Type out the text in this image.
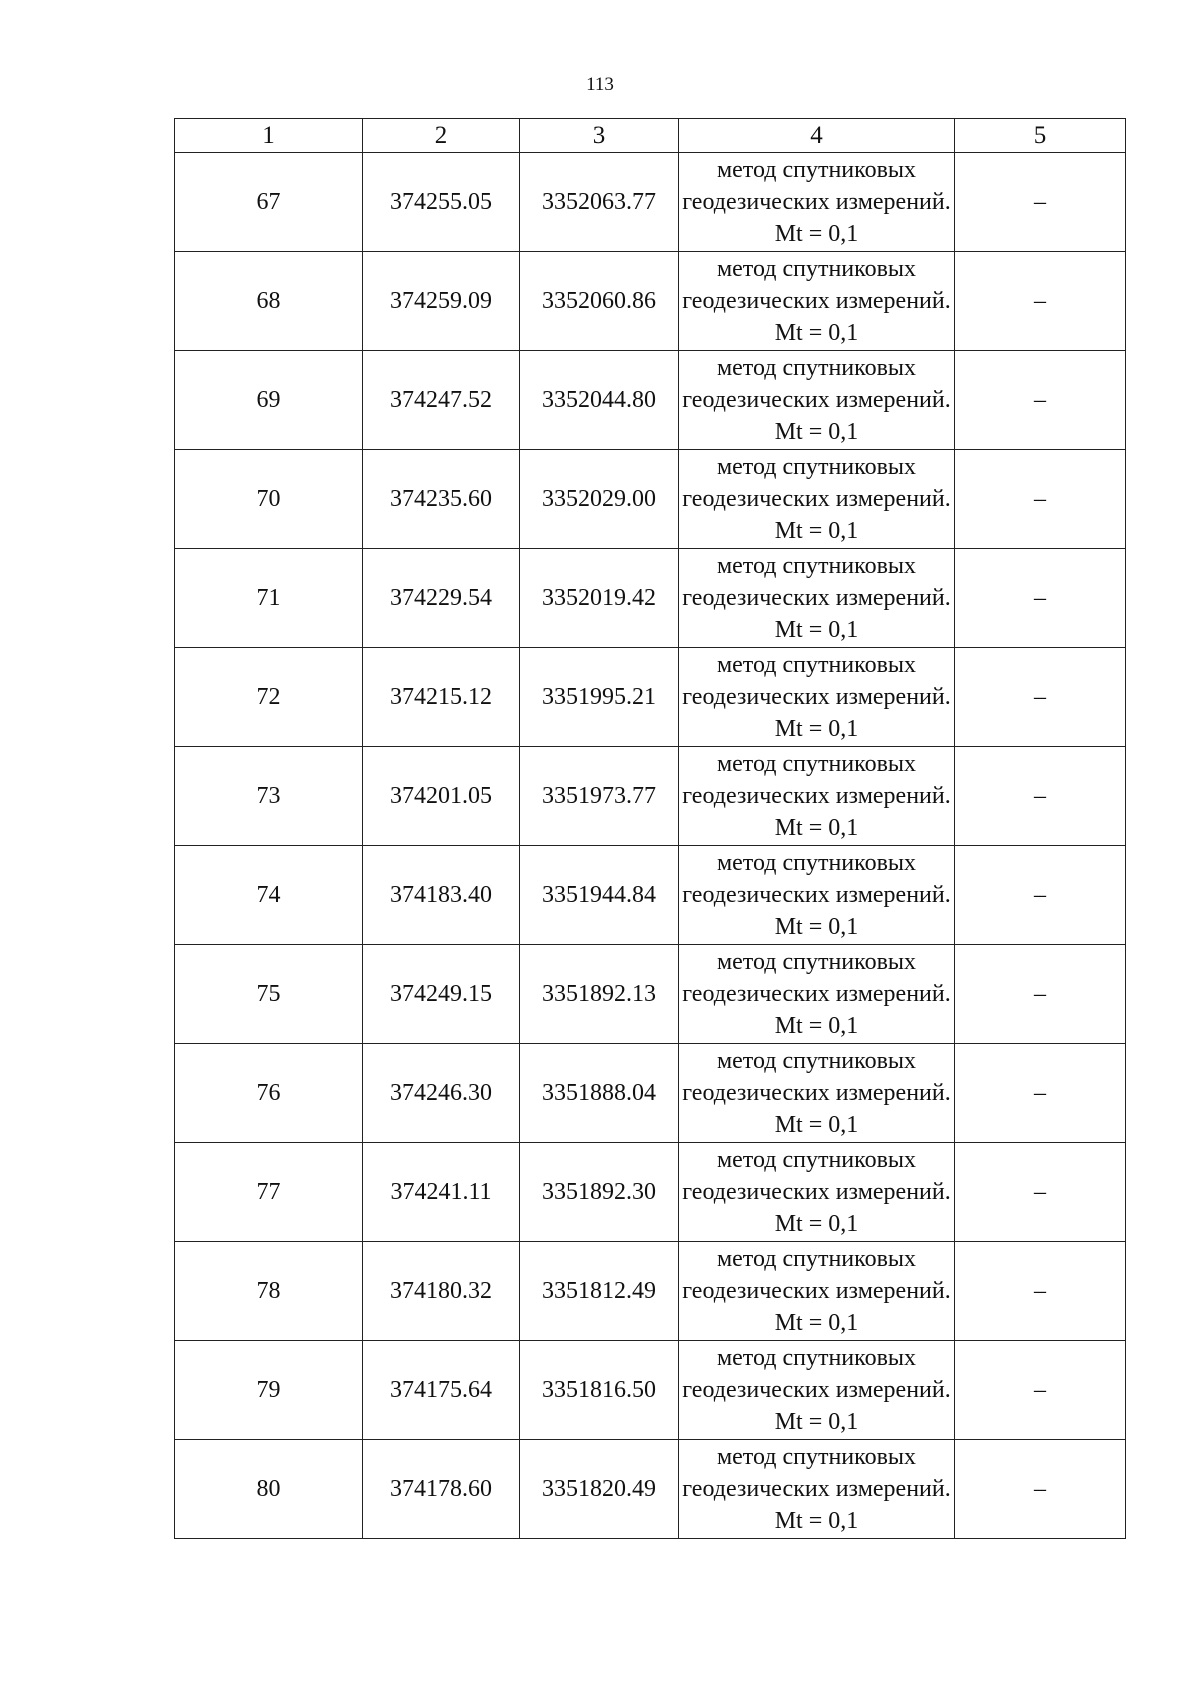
113
1	2	3	4	5
67	374255.05	3352063.77	метод спутниковых геодезических измерений. Mt = 0,1	–
68	374259.09	3352060.86	метод спутниковых геодезических измерений. Mt = 0,1	–
69	374247.52	3352044.80	метод спутниковых геодезических измерений. Mt = 0,1	–
70	374235.60	3352029.00	метод спутниковых геодезических измерений. Mt = 0,1	–
71	374229.54	3352019.42	метод спутниковых геодезических измерений. Mt = 0,1	–
72	374215.12	3351995.21	метод спутниковых геодезических измерений. Mt = 0,1	–
73	374201.05	3351973.77	метод спутниковых геодезических измерений. Mt = 0,1	–
74	374183.40	3351944.84	метод спутниковых геодезических измерений. Mt = 0,1	–
75	374249.15	3351892.13	метод спутниковых геодезических измерений. Mt = 0,1	–
76	374246.30	3351888.04	метод спутниковых геодезических измерений. Mt = 0,1	–
77	374241.11	3351892.30	метод спутниковых геодезических измерений. Mt = 0,1	–
78	374180.32	3351812.49	метод спутниковых геодезических измерений. Mt = 0,1	–
79	374175.64	3351816.50	метод спутниковых геодезических измерений. Mt = 0,1	–
80	374178.60	3351820.49	метод спутниковых геодезических измерений. Mt = 0,1	–
